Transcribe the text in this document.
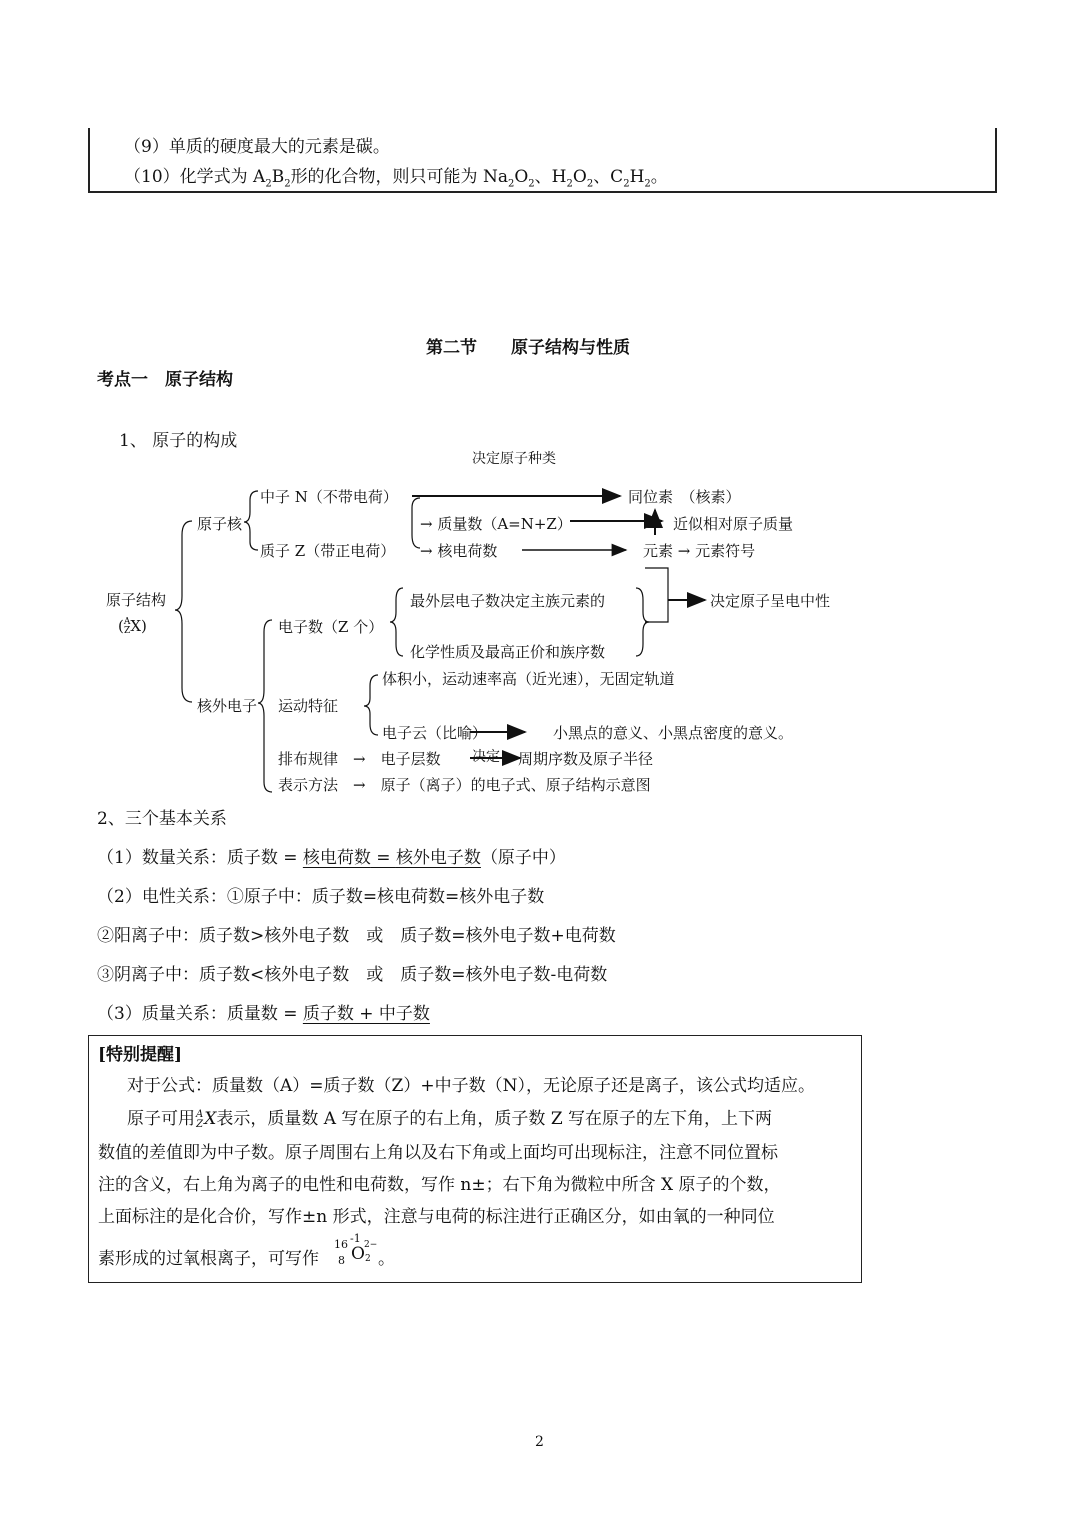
（9）单质的硬度最大的元素是碳。
（10）化学式为 $A_2B_2$形的化合物，则只可能为 $Na_2O_2$、$H_2O_2$、$C_2H_2$。
第二节　　原子结构与性质
考点一　原子结构
1、 原子的构成
决定原子种类
原子结构
(A
ZX)
原子核
中子 N（不带电荷）
质子 Z（带正电荷）
同位素　（核素）
→ 质量数（A=N+Z）	近似相对原子质量
→ 核电荷数	元素 → 元素符号
电子数（Z 个）
最外层电子数决定主族元素的
化学性质及最高正价和族序数
决定原子呈电中性
核外电子 运动特征
体积小，运动速率高（近光速），无固定轨道
电子云（比喻）	小黑点的意义、小黑点密度的意义。
排布规律　→　电子层数 决定 周期序数及原子半径
表示方法　→　原子（离子）的电子式、原子结构示意图
2、三个基本关系
（1）数量关系：质子数 = 核电荷数 = 核外电子数（原子中）
（2）电性关系：①原子中：质子数=核电荷数=核外电子数
②阳离子中：质子数>核外电子数　或　质子数=核外电子数+电荷数
③阴离子中：质子数<核外电子数　或　质子数=核外电子数-电荷数
（3）质量关系：质量数 = 质子数 + 中子数
[特别提醒]
对于公式：质量数（A）=质子数（Z）+中子数（N），无论原子还是离子，该公式均适应。
原子可用A
ZX表示，质量数 A 写在原子的右上角，质子数 Z 写在原子的左下角，上下两
数值的差值即为中子数。原子周围右上角以及右下角或上面均可出现标注，注意不同位置标
注的含义，右上角为离子的电性和电荷数，写作 n±；右下角为微粒中所含 X 原子的个数，
上面标注的是化合价，写作±n 形式，注意与电荷的标注进行正确区分，如由氧的一种同位
素形成的过氧根离子，可写作
16
8
-1
O 2−
2 。
2
